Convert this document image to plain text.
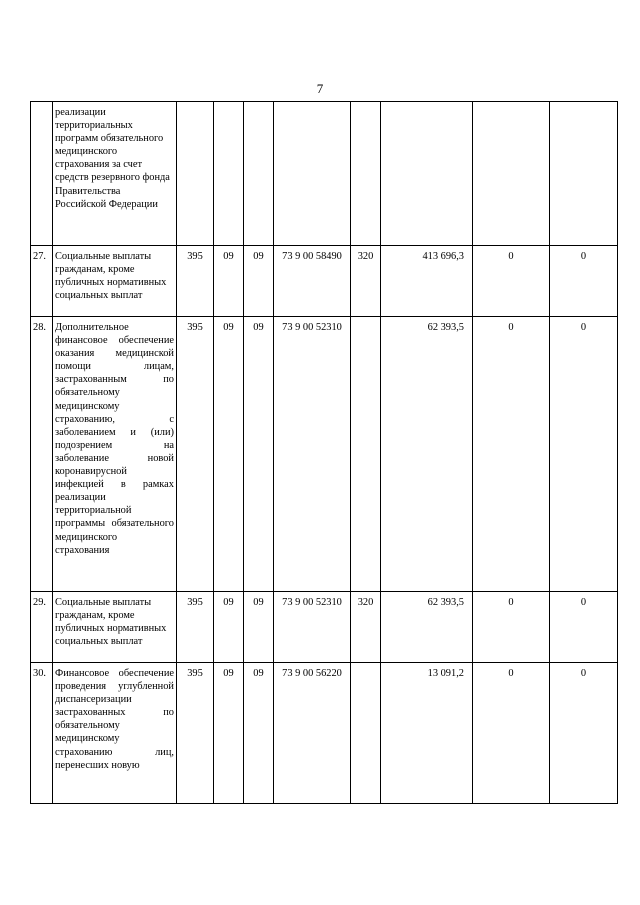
7
	реализации территориальных программ обязательного медицинского страхования за счет средств резервного фонда Правительства Российской Федерации								
27.	Социальные выплаты гражданам, кроме публичных нормативных социальных выплат	395	09	09	73 9 00 58490	320	413 696,3	0	0
28.	Дополнительное финансовое обеспечение оказания медицинской помощи лицам, застрахованным по обязательному медицинскому страхованию, с заболеванием и (или) подозрением на заболевание новой коронавирусной инфекцией в рамках реализации территориальной программы обязательного медицинского страхования	395	09	09	73 9 00 52310		62 393,5	0	0
29.	Социальные выплаты гражданам, кроме публичных нормативных социальных выплат	395	09	09	73 9 00 52310	320	62 393,5	0	0
30.	Финансовое обеспечение проведения углубленной диспансеризации застрахованных по обязательному медицинскому страхованию лиц, перенесших новую	395	09	09	73 9 00 56220		13 091,2	0	0
